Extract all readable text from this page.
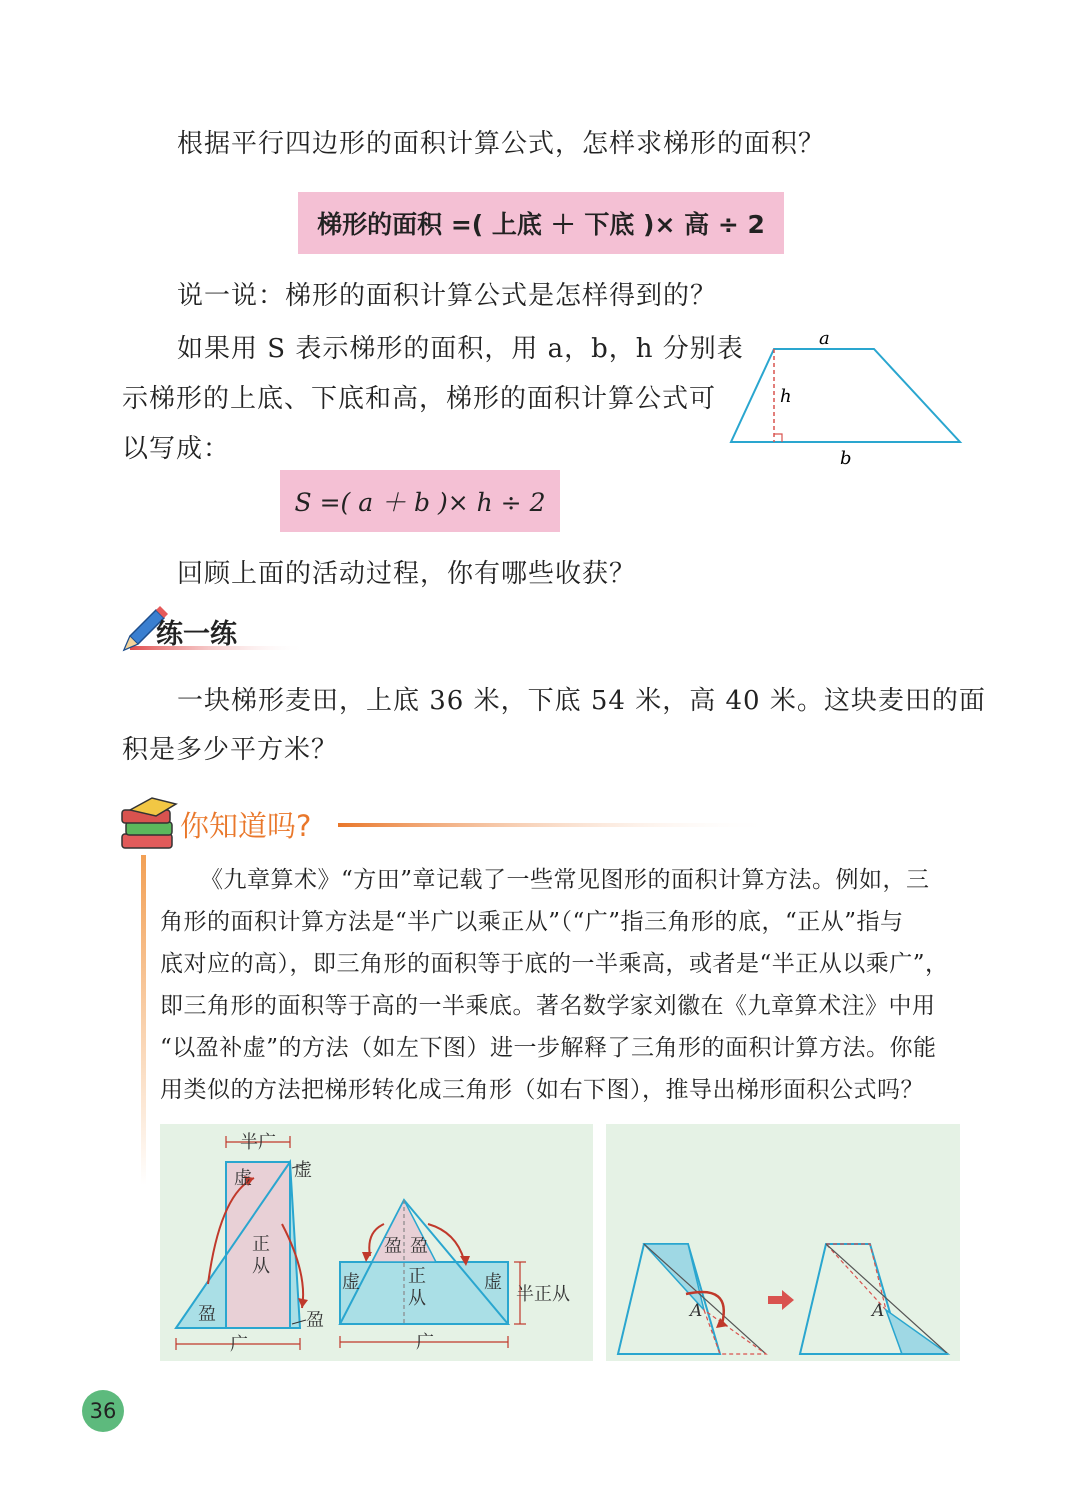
根据平行四边形的面积计算公式，怎样求梯形的面积？
梯形的面积 =( 上底 ＋ 下底 )× 高 ÷ 2
说一说：梯形的面积计算公式是怎样得到的？
如果用 S 表示梯形的面积，用 a，b，h 分别表
示梯形的上底、下底和高，梯形的面积计算公式可
以写成：
a
h
b
S =( a ＋ b )× h ÷ 2
回顾上面的活动过程，你有哪些收获？
练一练
一块梯形麦田，上底 36 米，下底 54 米，高 40 米。这块麦田的面
积是多少平方米？
你知道吗?
《九章算术》“方田”章记载了一些常见图形的面积计算方法。例如，三
角形的面积计算方法是“半广以乘正从”（“广”指三角形的底，“正从”指与
底对应的高），即三角形的面积等于底的一半乘高，或者是“半正从以乘广”，
即三角形的面积等于高的一半乘底。著名数学家刘徽在《九章算术注》中用
“以盈补虚”的方法（如左下图）进一步解释了三角形的面积计算方法。你能
用类似的方法把梯形转化成三角形（如右下图），推导出梯形面积公式吗？
半广
虚 虚
正
从
盈	盈
广
盈 盈
虚	虚
正
从
广
半正从
A	A
36
